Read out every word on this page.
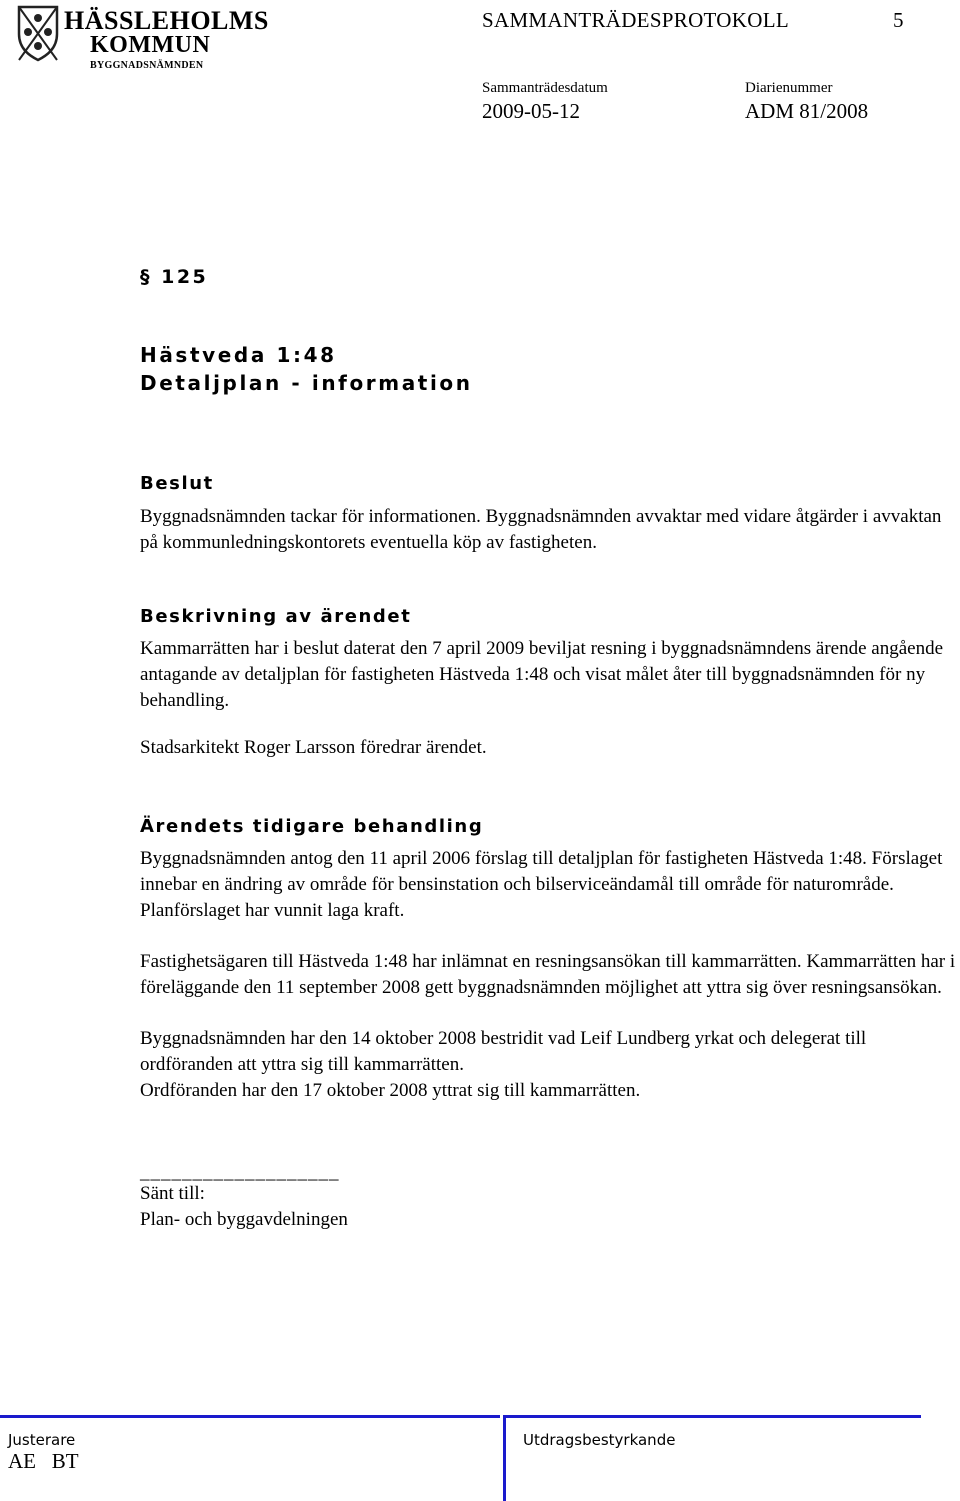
HÄSSLEHOLMS
KOMMUN
BYGGNADSNÄMNDEN
SAMMANTRÄDESPROTOKOLL	5
Sammanträdesdatum
2009-05-12
Diarienummer
ADM 81/2008
§ 125
Hästveda 1:48
Detaljplan - information
Beslut

Byggnadsnämnden tackar för informationen. Byggnadsnämnden avvaktar med vidare åtgärder i avvaktan på kommunledningskontorets eventuella köp av fastigheten.

Beskrivning av ärendet

Kammarrätten har i beslut daterat den 7 april 2009 beviljat resning i byggnadsnämndens ärende angående antagande av detaljplan för fastigheten Hästveda 1:48 och visat målet åter till byggnadsnämnden för ny behandling.

Stadsarkitekt Roger Larsson föredrar ärendet.

Ärendets tidigare behandling

Byggnadsnämnden antog den 11 april 2006 förslag till detaljplan för fastigheten Hästveda 1:48. Förslaget innebar en ändring av område för bensinstation och bilserviceändamål till område för naturområde. Planförslaget har vunnit laga kraft.

Fastighetsägaren till Hästveda 1:48 har inlämnat en resningsansökan till kammarrätten. Kammarrätten har i föreläggande den 11 september 2008 gett byggnadsnämnden möjlighet att yttra sig över resningsansökan.

Byggnadsnämnden har den 14 oktober 2008 bestridit vad Leif Lundberg yrkat och delegerat till ordföranden att yttra sig till kammarrätten.

Ordföranden har den 17 oktober 2008 yttrat sig till kammarrätten.

___________________
Sänt till:
Plan- och byggavdelningen
Justerare
AE   BT
Utdragsbestyrkande
